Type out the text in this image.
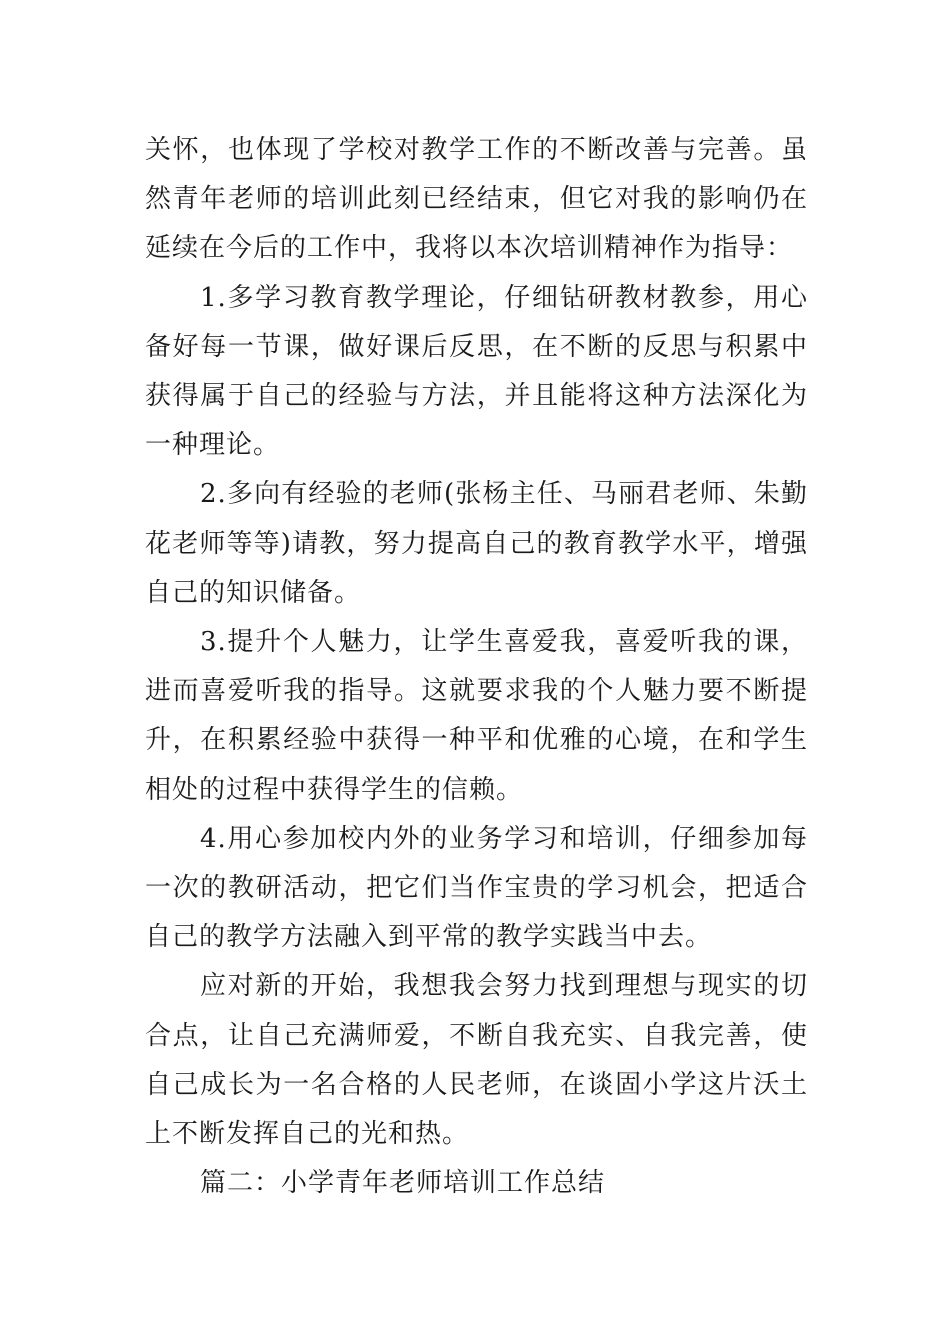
关怀，也体现了学校对教学工作的不断改善与完善。虽然青年老师的培训此刻已经结束，但它对我的影响仍在延续在今后的工作中，我将以本次培训精神作为指导：

1.多学习教育教学理论，仔细钻研教材教参，用心备好每一节课，做好课后反思，在不断的反思与积累中获得属于自己的经验与方法，并且能将这种方法深化为一种理论。

2.多向有经验的老师(张杨主任、马丽君老师、朱勤花老师等等)请教，努力提高自己的教育教学水平，增强自己的知识储备。

3.提升个人魅力，让学生喜爱我，喜爱听我的课，进而喜爱听我的指导。这就要求我的个人魅力要不断提升，在积累经验中获得一种平和优雅的心境，在和学生相处的过程中获得学生的信赖。

4.用心参加校内外的业务学习和培训，仔细参加每一次的教研活动，把它们当作宝贵的学习机会，把适合自己的教学方法融入到平常的教学实践当中去。

应对新的开始，我想我会努力找到理想与现实的切合点，让自己充满师爱，不断自我充实、自我完善，使自己成长为一名合格的人民老师，在谈固小学这片沃土上不断发挥自己的光和热。

篇二：小学青年老师培训工作总结
